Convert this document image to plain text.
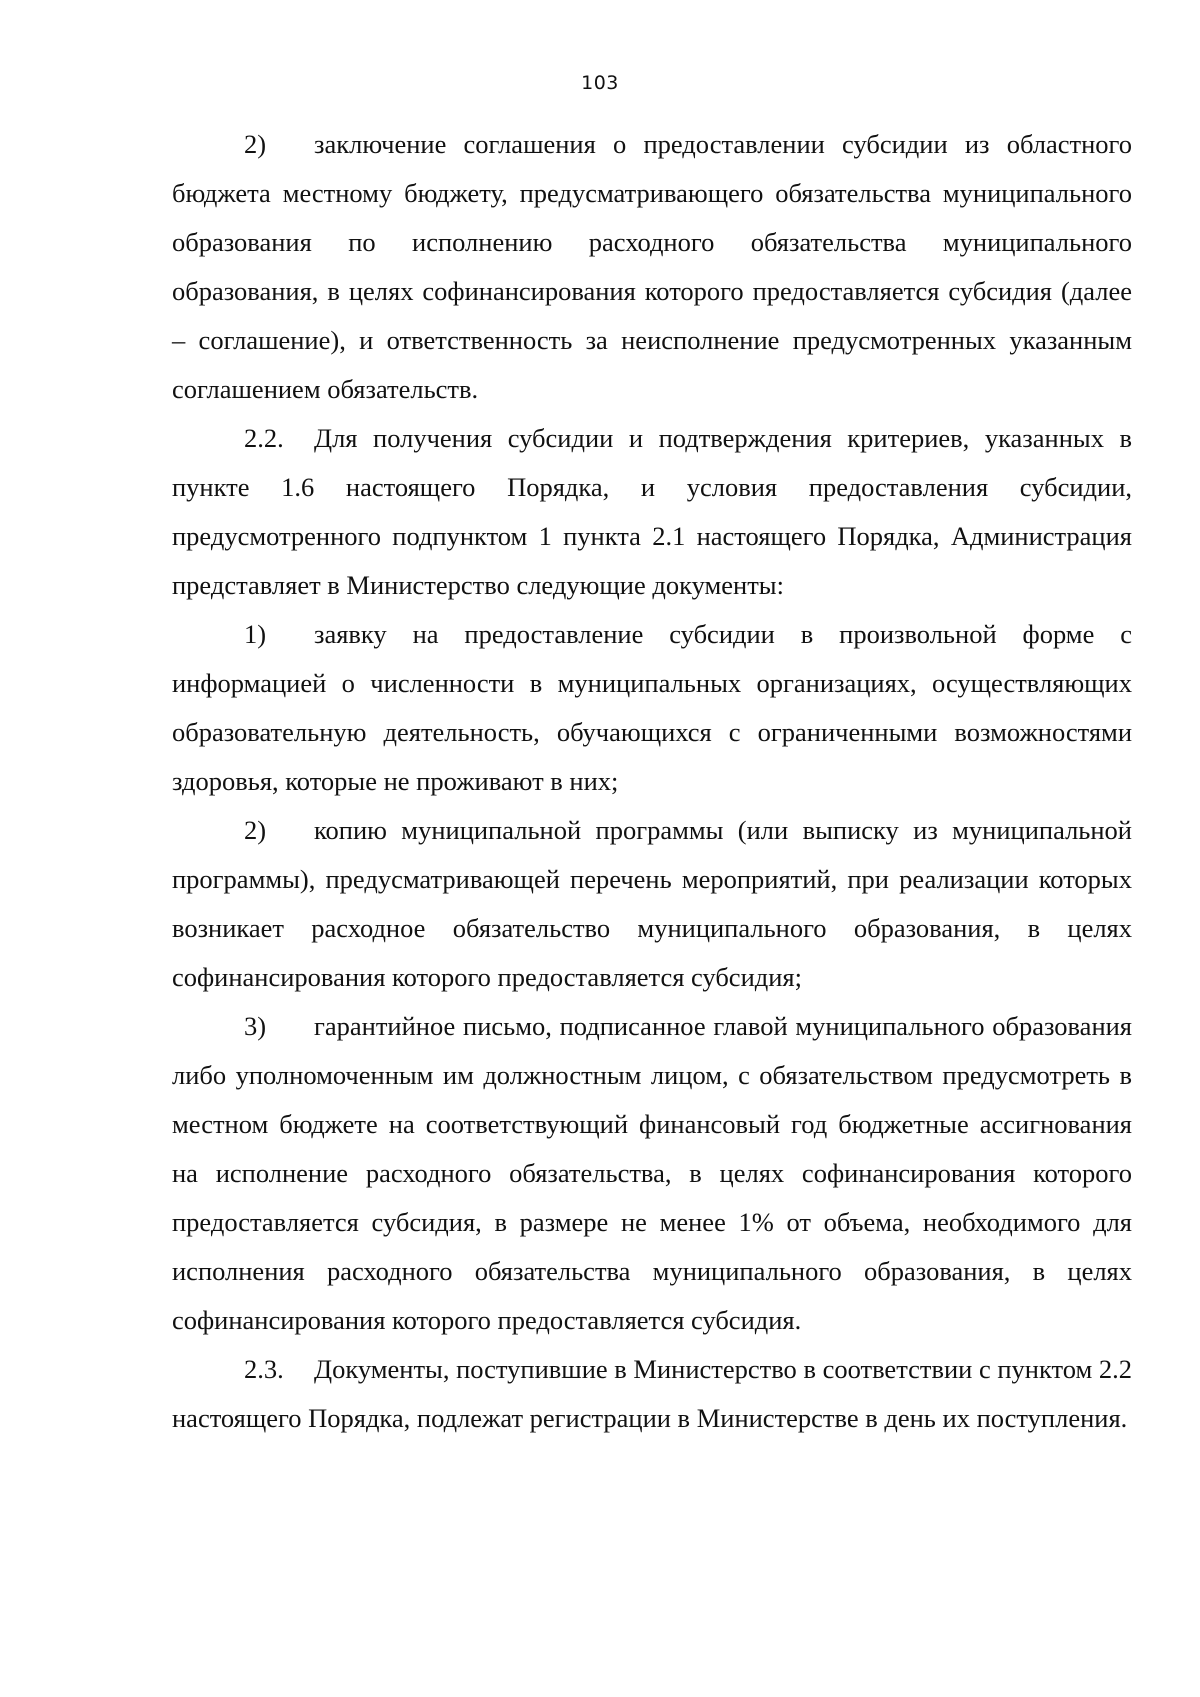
103

2) заключение соглашения о предоставлении субсидии из областного бюджета местному бюджету, предусматривающего обязательства муниципального образования по исполнению расходного обязательства муниципального образования, в целях софинансирования которого предоставляется субсидия (далее – соглашение), и ответственность за неисполнение предусмотренных указанным соглашением обязательств.

2.2. Для получения субсидии и подтверждения критериев, указанных в пункте 1.6 настоящего Порядка, и условия предоставления субсидии, предусмотренного подпунктом 1 пункта 2.1 настоящего Порядка, Администрация представляет в Министерство следующие документы:

1) заявку на предоставление субсидии в произвольной форме с информацией о численности в муниципальных организациях, осуществляющих образовательную деятельность, обучающихся с ограниченными возможностями здоровья, которые не проживают в них;

2) копию муниципальной программы (или выписку из муниципальной программы), предусматривающей перечень мероприятий, при реализации которых возникает расходное обязательство муниципального образования, в целях софинансирования которого предоставляется субсидия;

3) гарантийное письмо, подписанное главой муниципального образования либо уполномоченным им должностным лицом, с обязательством предусмотреть в местном бюджете на соответствующий финансовый год бюджетные ассигнования на исполнение расходного обязательства, в целях софинансирования которого предоставляется субсидия, в размере не менее 1% от объема, необходимого для исполнения расходного обязательства муниципального образования, в целях софинансирования которого предоставляется субсидия.

2.3. Документы, поступившие в Министерство в соответствии с пунктом 2.2 настоящего Порядка, подлежат регистрации в Министерстве в день их поступления.
